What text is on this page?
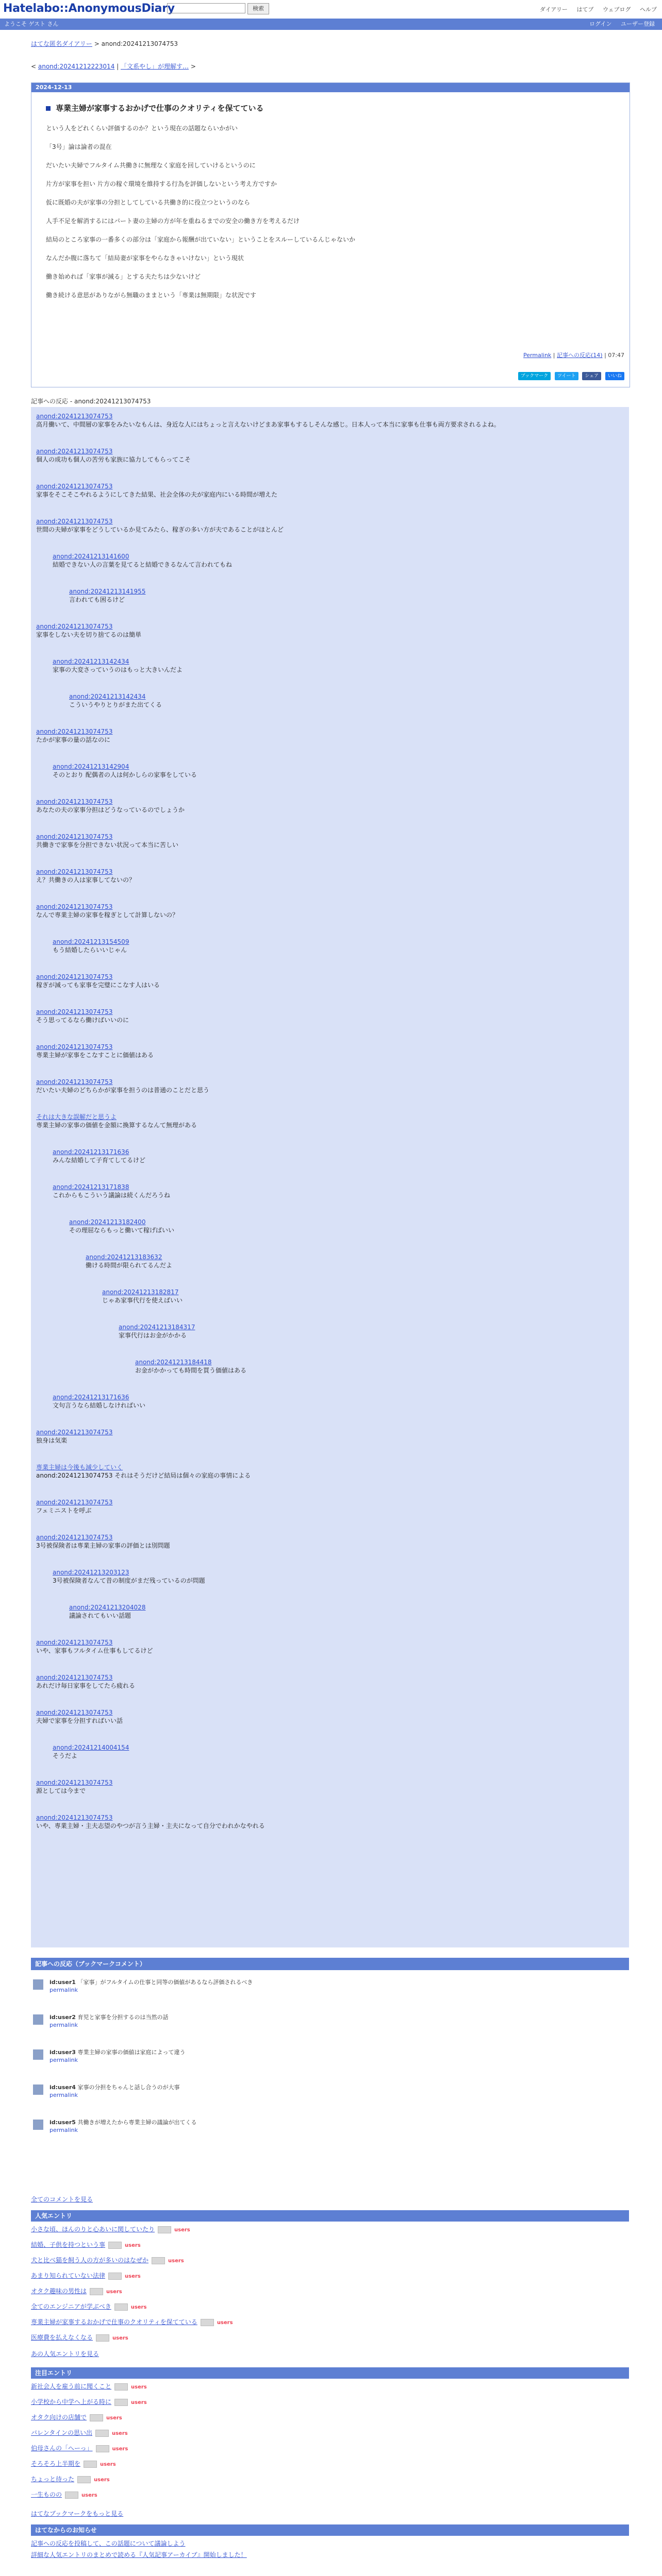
Hatelabo::AnonymousDiary	検索	ダイアリー はてブ ウェブログ ヘルプ
ようこそ ゲスト さん	ログイン ユーザー登録
はてな匿名ダイアリー > anond:20241213074753
< anond:20241212223014 | 「文系やし」が理解す… >
2024-12-13
専業主婦が家事するおかげで仕事のクオリティを保てている

という人をどれくらい評価するのか？という現在の話題ならいかがい

「3号」論は論者の混在

だいたい夫婦でフルタイム共働きに無理なく家庭を回していけるというのに

片方が家事を担い 片方の稼ぐ環境を維持する行為を評価しないという考え方ですか

仮に既婚の夫が家事の分担としてしている共働き的に役立つというのなら

人手不足を解消するにはパート妻の主婦の方が年を重ねるまでの安全の働き方を考えるだけ

結局のところ家事の一番多くの部分は「家庭から報酬が出ていない」ということをスルーしているんじゃないか

なんだか腹に落ちて「結局妻が家事をやらなきゃいけない」という現状

働き始めれば「家事が減る」とする夫たちは少ないけど

働き続ける意思がありながら無職のままという「専業は無期限」な状況です

Permalink | 記事への反応(14) | 07:47
ブックマーク ツイート シェア いいね
記事への反応 - anond:20241213074753
anond:20241213074753
高月働いて、中間層の家事をみたいなもんは、身近な人にはちょっと言えないけどまあ家事もするしそんな感じ。日本人って本当に家事も仕事も両方要求されるよね。
anond:20241213074753
個人の成功も個人の苦労も家族に協力してもらってこそ
anond:20241213074753
家事をそこそこやれるようにしてきた結果、社会全体の夫が家庭内にいる時間が増えた
anond:20241213074753
世間の夫婦が家事をどうしているか見てみたら、稼ぎの多い方が夫であることがほとんど
anond:20241213141600
結婚できない人の言葉を見てると結婚できるなんて言われてもね
anond:20241213141955
言われても困るけど
anond:20241213074753
家事をしない夫を切り捨てるのは簡単
anond:20241213142434
家事の大変さっていうのはもっと大きいんだよ
anond:20241213142434
こういうやりとりがまた出てくる
anond:20241213074753
たかが家事の量の話なのに
anond:20241213142904
そのとおり 配偶者の人は何かしらの家事をしている
anond:20241213074753
あなたの夫の家事分担はどうなっているのでしょうか
anond:20241213074753
共働きで家事を分担できない状況って本当に苦しい
anond:20241213074753
え？共働きの人は家事してないの？
anond:20241213074753
なんで専業主婦の家事を稼ぎとして計算しないの？
anond:20241213154509
もう結婚したらいいじゃん
anond:20241213074753
稼ぎが減っても家事を完璧にこなす人はいる
anond:20241213074753
そう思ってるなら働けばいいのに
anond:20241213074753
専業主婦が家事をこなすことに価値はある
anond:20241213074753
だいたい夫婦のどちらかが家事を担うのは普通のことだと思う
それは大きな誤解だと思うよ
専業主婦の家事の価値を金額に換算するなんて無理がある
anond:20241213171636
みんな結婚して子育てしてるけど
anond:20241213171838
これからもこういう議論は続くんだろうね
anond:20241213182400
その理屈ならもっと働いて稼げばいい
anond:20241213183632
働ける時間が限られてるんだよ
anond:20241213182817
じゃあ家事代行を使えばいい
anond:20241213184317
家事代行はお金がかかる
anond:20241213184418
お金がかかっても時間を買う価値はある
anond:20241213171636
文句言うなら結婚しなければいい
anond:20241213074753
独身は気楽
専業主婦は今後も減少していく
anond:20241213074753 それはそうだけど結局は個々の家庭の事情による
anond:20241213074753
フェミニストを呼ぶ
anond:20241213074753
3号被保険者は専業主婦の家事の評価とは別問題
anond:20241213203123
3号被保険者なんて昔の制度がまだ残っているのが問題
anond:20241213204028
議論されてもいい話題
anond:20241213074753
いや、家事もフルタイム仕事もしてるけど
anond:20241213074753
あれだけ毎日家事をしてたら疲れる
anond:20241213074753
夫婦で家事を分担すればいい話
anond:20241214004154
そうだよ
anond:20241213074753
源としては今まで
anond:20241213074753
いや、専業主婦・主夫志望のやつが言う主婦・主夫になって自分でわれかなやれる
記事への反応（ブックマークコメント）
id:user1 「家事」がフルタイムの仕事と同等の価値があるなら評価されるべき
permalink
id:user2 育児と家事を分担するのは当然の話
permalink
id:user3 専業主婦の家事の価値は家庭によって違う
permalink
id:user4 家事の分担をちゃんと話し合うのが大事
permalink
id:user5 共働きが増えたから専業主婦の議論が出てくる
permalink
全てのコメントを見る
人気エントリ
小さな頃、ほんのりと心あいに関していたり	users
結婚、子供を持つという事	users
犬と比べ猫を飼う人の方が多いのはなぜか	users
あまり知られていない法律	users
オタク趣味の男性は	users
全てのエンジニアが学ぶべき	users
専業主婦が家事するおかげで仕事のクオリティを保てている	users
医療費を払えなくなる	users
あの人気エントリを見る
注目エントリ
新社会人を雇う前に聞くこと	users
小学校から中学へ上がる時に	users
オタク向けの店舗で	users
バレンタインの思い出	users
伯母さんの「へーっ」	users
そろそろ上半期を	users
ちょっと待った	users
一生ものの	users
はてなブックマークをもっと見る
はてなからのお知らせ
記事への反応を投稿して、この話題について議論しよう
詳細な人気エントリのまとめで読める『人気記事アーカイブ』開始しました！
